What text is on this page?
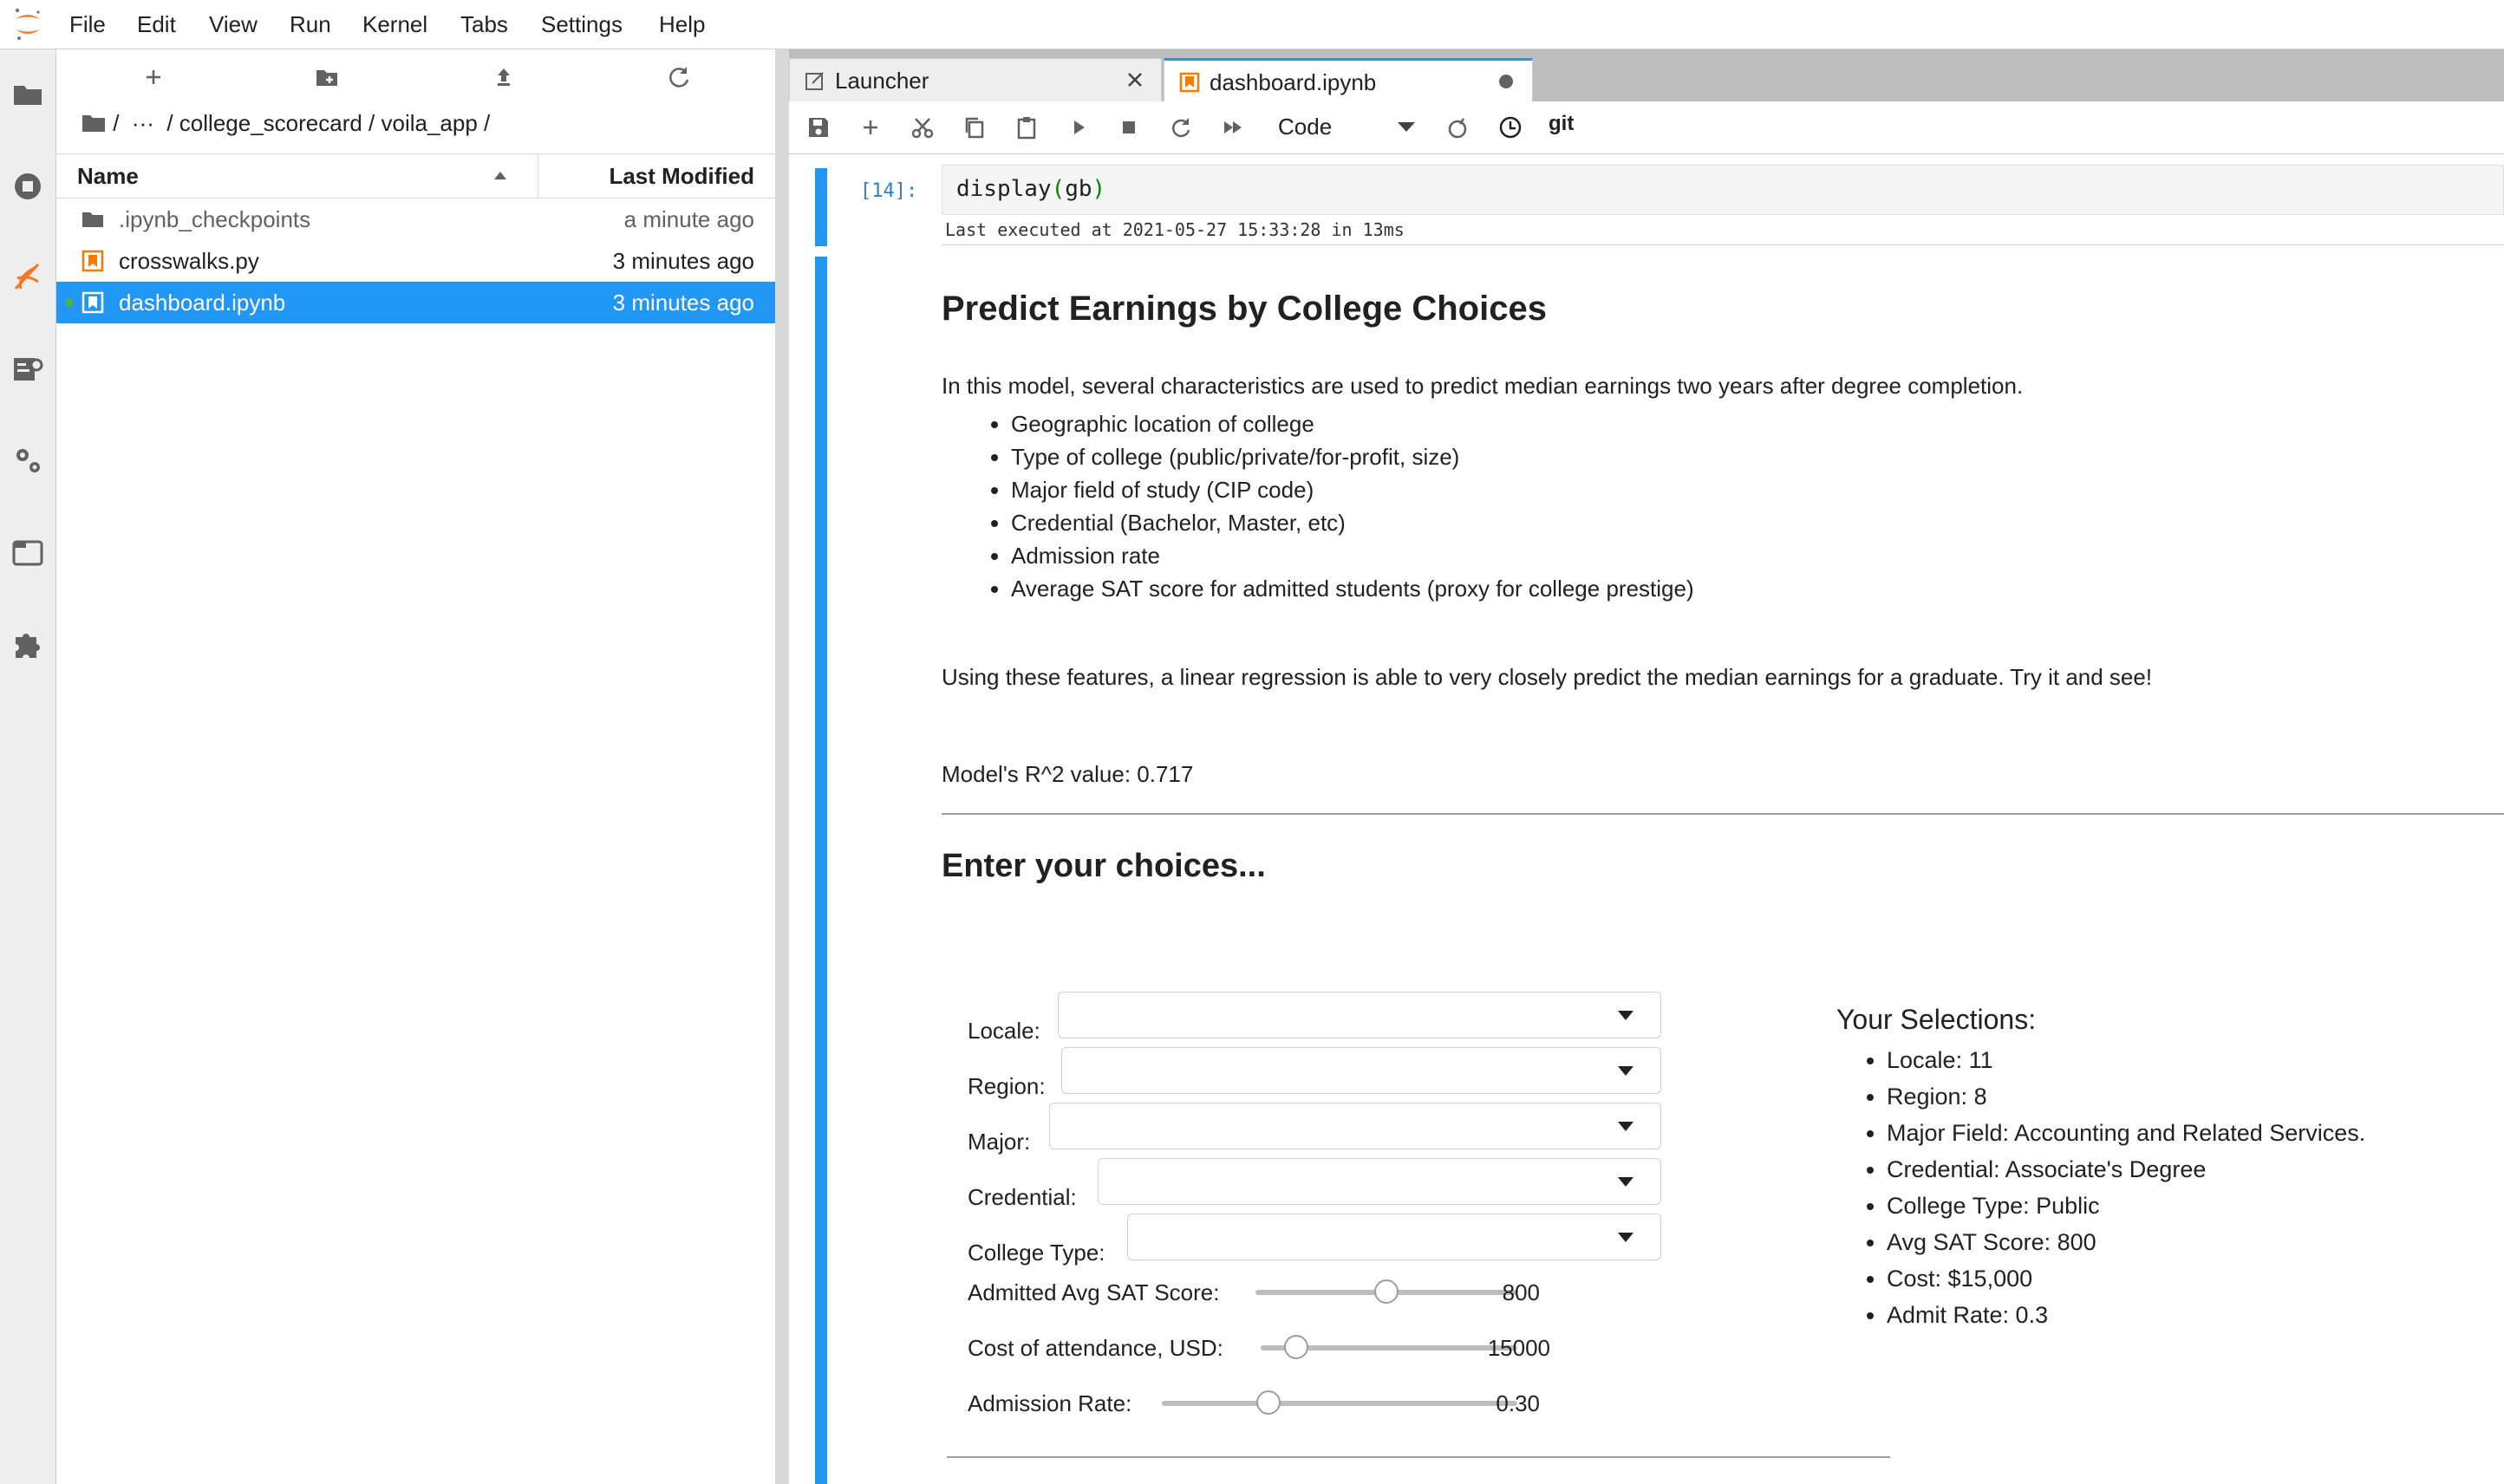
File Edit View Run Kernel Tabs Settings Help
/ ··· / college_scorecard / voila_app /
Name	Last Modified
.ipynb_checkpoints	a minute ago
crosswalks.py	3 minutes ago
dashboard.ipynb	3 minutes ago
Launcher	dashboard.ipynb
Code	git
[14]: display(gb)
Last executed at 2021-05-27 15:33:28 in 13ms
Predict Earnings by College Choices
In this model, several characteristics are used to predict median earnings two years after degree completion.
• Geographic location of college
• Type of college (public/private/for-profit, size)
• Major field of study (CIP code)
• Credential (Bachelor, Master, etc)
• Admission rate
• Average SAT score for admitted students (proxy for college prestige)
Using these features, a linear regression is able to very closely predict the median earnings for a graduate. Try it and see!
Model's R^2 value: 0.717
Enter your choices...
Locale:
Region:
Major:
Credential:
College Type:
Admitted Avg SAT Score:	800
Cost of attendance, USD:	15000
Admission Rate:	0.30
Your Selections:
• Locale: 11
• Region: 8
• Major Field: Accounting and Related Services.
• Credential: Associate's Degree
• College Type: Public
• Avg SAT Score: 800
• Cost: $15,000
• Admit Rate: 0.3
